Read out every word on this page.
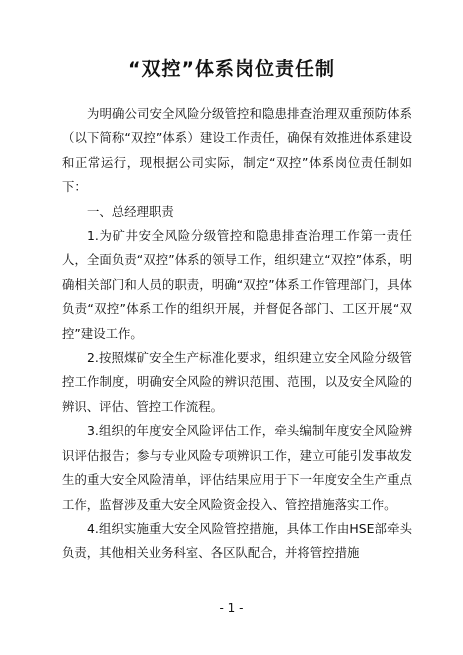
“双控”体系岗位责任制

为明确公司安全风险分级管控和隐患排查治理双重预防体系（以下简称“双控”体系）建设工作责任，确保有效推进体系建设和正常运行，现根据公司实际，制定“双控”体系岗位责任制如下：

一、总经理职责

1.为矿井安全风险分级管控和隐患排查治理工作第一责任人，全面负责“双控”体系的领导工作，组织建立“双控”体系，明确相关部门和人员的职责，明确“双控”体系工作管理部门，具体负责“双控”体系工作的组织开展，并督促各部门、工区开展“双控”建设工作。

2.按照煤矿安全生产标准化要求，组织建立安全风险分级管控工作制度，明确安全风险的辨识范围、范围，以及安全风险的辨识、评估、管控工作流程。

3.组织的年度安全风险评估工作，牵头编制年度安全风险辨识评估报告；参与专业风险专项辨识工作，建立可能引发事故发生的重大安全风险清单，评估结果应用于下一年度安全生产重点工作，监督涉及重大安全风险资金投入、管控措施落实工作。

4.组织实施重大安全风险管控措施，具体工作由HSE部牵头负责，其他相关业务科室、各区队配合，并将管控措施

- 1 -
